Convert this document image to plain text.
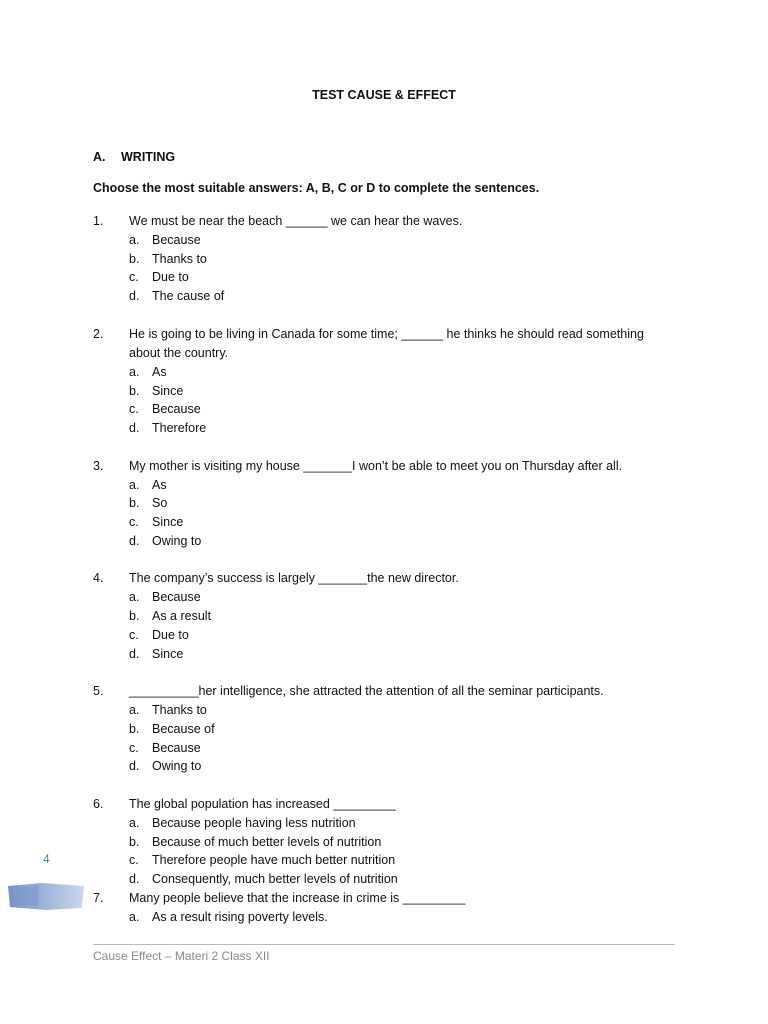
TEST CAUSE & EFFECT
A. WRITING
Choose the most suitable answers: A, B, C or D to complete the sentences.
1.	We must be near the beach ______ we can hear the waves.
a.	Because
b.	Thanks to
c.	Due to
d.	The cause of
2.	He is going to be living in Canada for some time; ______ he thinks he should read something about the country.
a.	As
b.	Since
c.	Because
d.	Therefore
3.	My mother is visiting my house _______I won’t be able to meet you on Thursday after all.
a.	As
b.	So
c.	Since
d.	Owing to
4.	The company’s success is largely _______the new director.
a.	Because
b.	As a result
c.	Due to
d.	Since
5.	__________her intelligence, she attracted the attention of all the seminar participants.
a.	Thanks to
b.	Because of
c.	Because
d.	Owing to
6.	The global population has increased _________
a.	Because people having less nutrition
b.	Because of much better levels of nutrition
c.	Therefore people have much better nutrition
d.	Consequently, much better levels of nutrition
7.	Many people believe that the increase in crime is _________
a.	As a result rising poverty levels.
4
Cause Effect – Materi 2 Class XII
